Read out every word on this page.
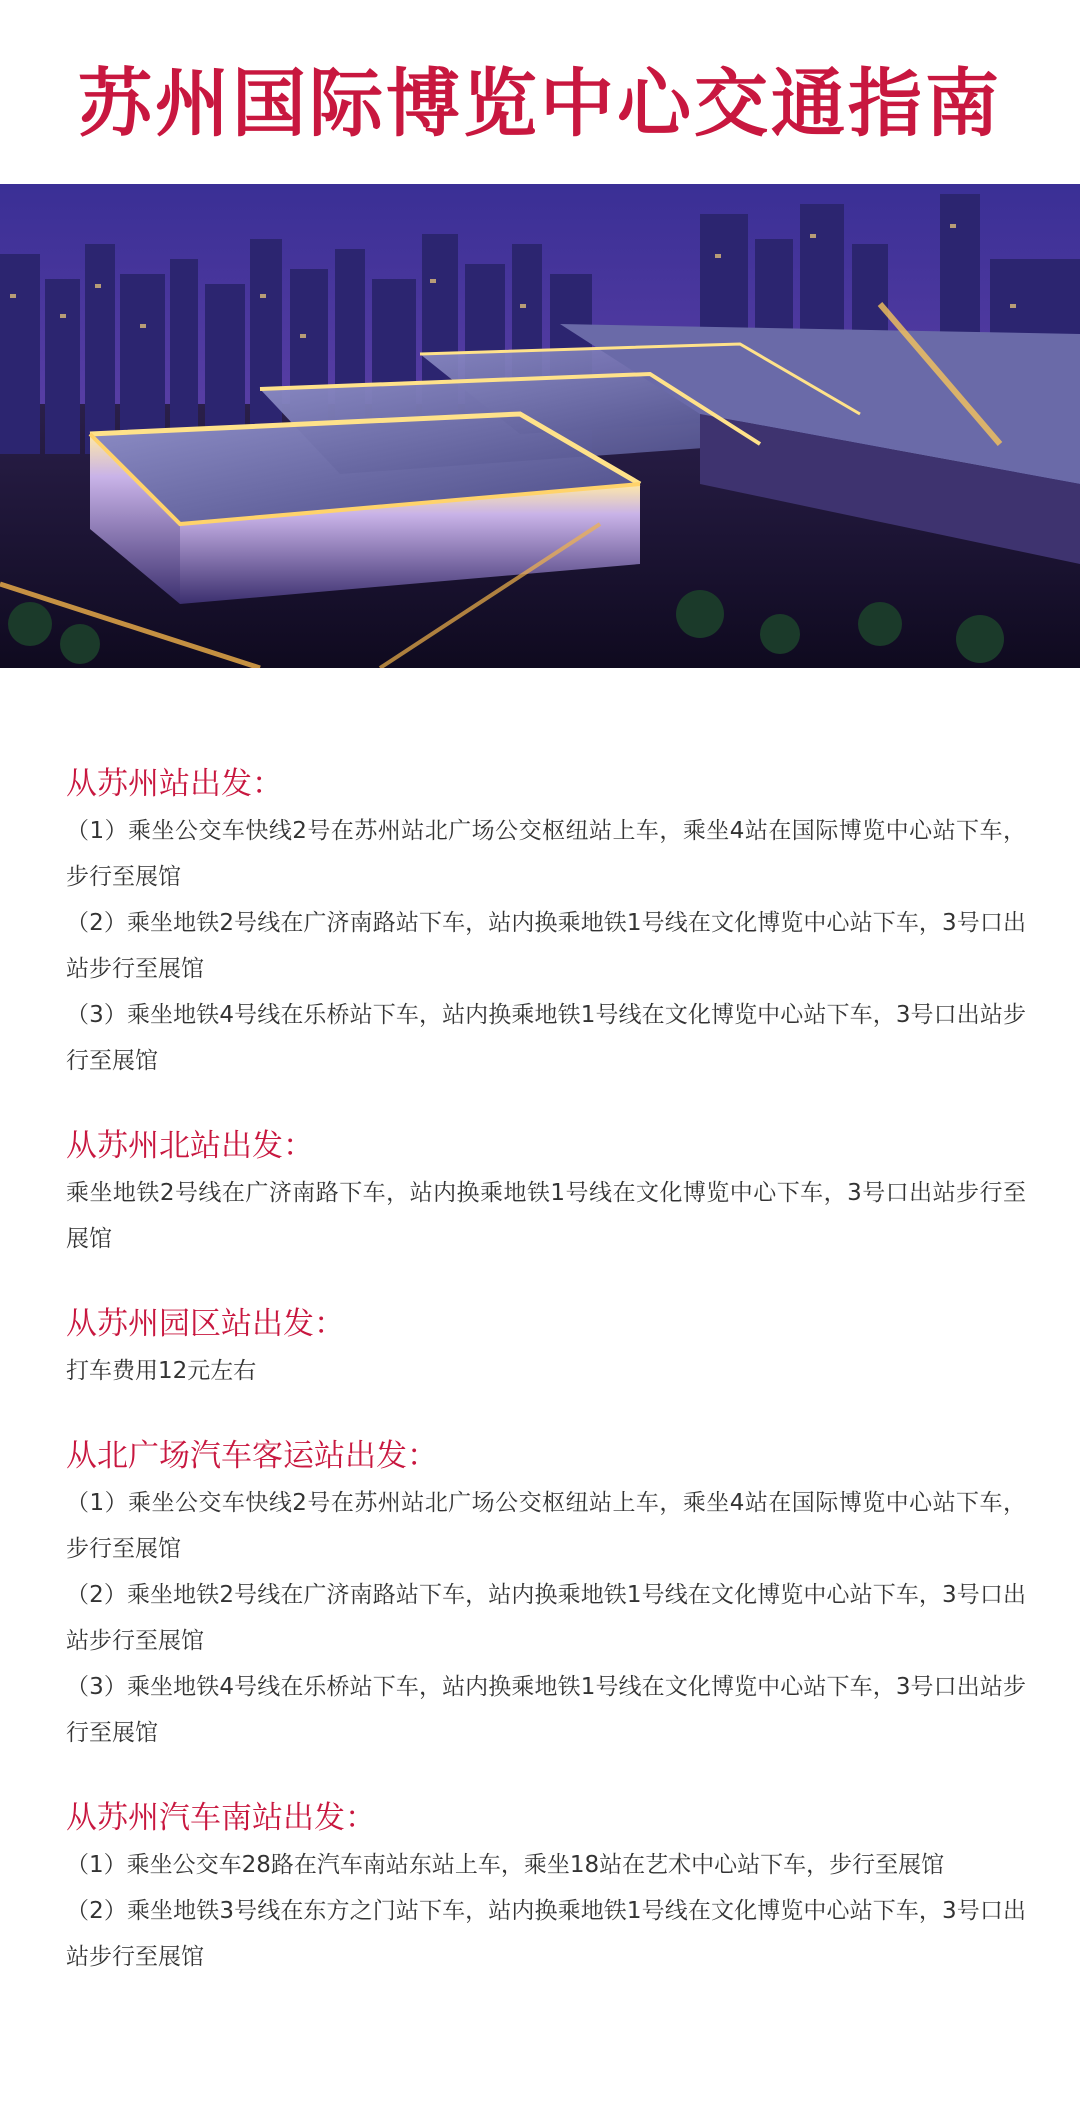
苏州国际博览中心交通指南
从苏州站出发：

（1）乘坐公交车快线2号在苏州站北广场公交枢纽站上车，乘坐4站在国际博览中心站下车，步行至展馆

（2）乘坐地铁2号线在广济南路站下车，站内换乘地铁1号线在文化博览中心站下车，3号口出站步行至展馆

（3）乘坐地铁4号线在乐桥站下车，站内换乘地铁1号线在文化博览中心站下车，3号口出站步行至展馆

从苏州北站出发：

乘坐地铁2号线在广济南路下车，站内换乘地铁1号线在文化博览中心下车，3号口出站步行至展馆

从苏州园区站出发：

打车费用12元左右

从北广场汽车客运站出发：

（1）乘坐公交车快线2号在苏州站北广场公交枢纽站上车，乘坐4站在国际博览中心站下车，步行至展馆

（2）乘坐地铁2号线在广济南路站下车，站内换乘地铁1号线在文化博览中心站下车，3号口出站步行至展馆

（3）乘坐地铁4号线在乐桥站下车，站内换乘地铁1号线在文化博览中心站下车，3号口出站步行至展馆

从苏州汽车南站出发：

（1）乘坐公交车28路在汽车南站东站上车，乘坐18站在艺术中心站下车，步行至展馆

（2）乘坐地铁3号线在东方之门站下车，站内换乘地铁1号线在文化博览中心站下车，3号口出站步行至展馆
